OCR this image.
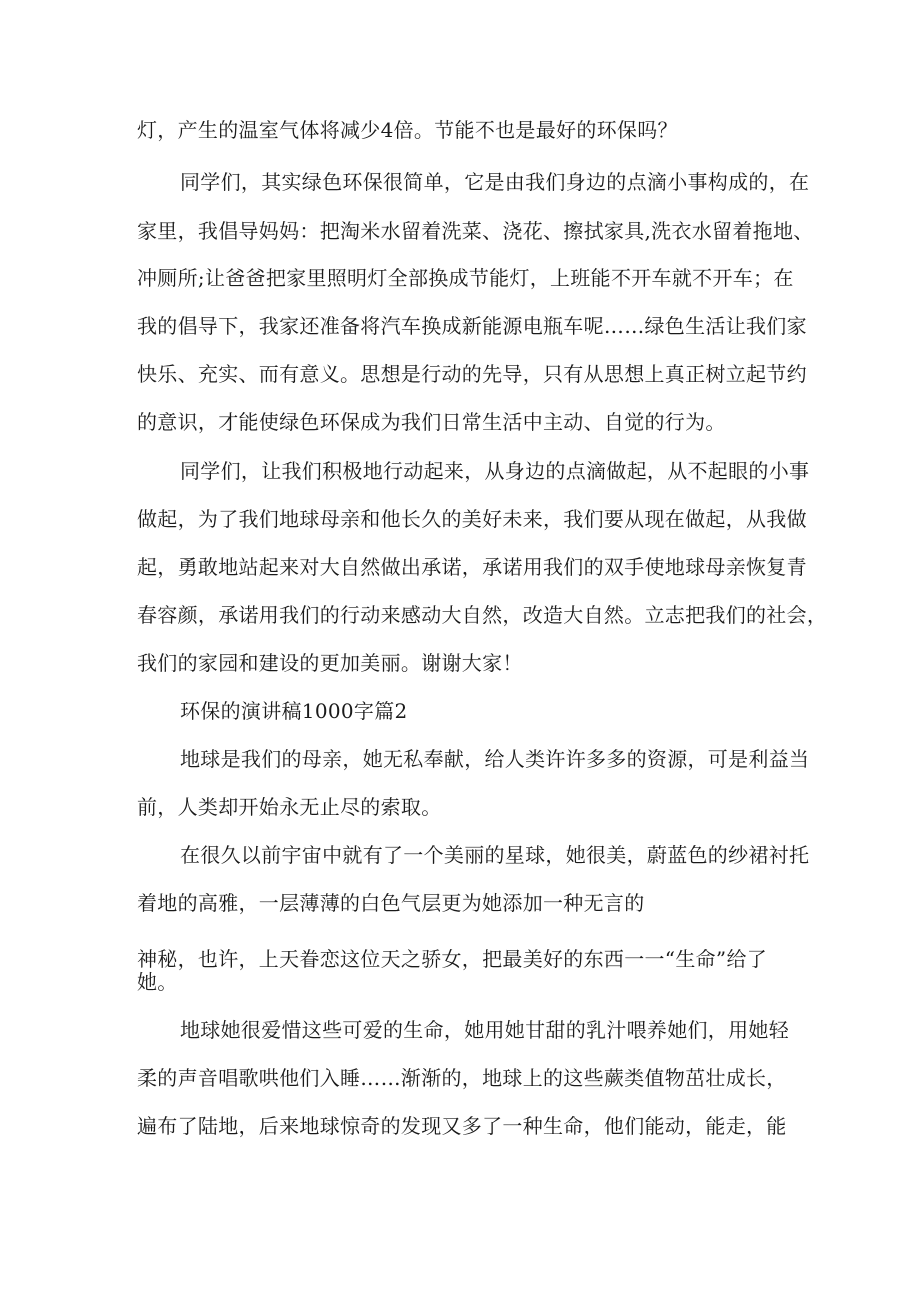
灯，产生的温室气体将减少4倍。节能不也是最好的环保吗？
同学们，其实绿色环保很简单，它是由我们身边的点滴小事构成的，在
家里，我倡导妈妈：把淘米水留着洗菜、浇花、擦拭家具,洗衣水留着拖地、
冲厕所;让爸爸把家里照明灯全部换成节能灯，上班能不开车就不开车；在
我的倡导下，我家还准备将汽车换成新能源电瓶车呢……绿色生活让我们家
快乐、充实、而有意义。思想是行动的先导，只有从思想上真正树立起节约
的意识，才能使绿色环保成为我们日常生活中主动、自觉的行为。
同学们，让我们积极地行动起来，从身边的点滴做起，从不起眼的小事
做起，为了我们地球母亲和他长久的美好未来，我们要从现在做起，从我做
起，勇敢地站起来对大自然做出承诺，承诺用我们的双手使地球母亲恢复青
春容颜，承诺用我们的行动来感动大自然，改造大自然。立志把我们的社会，
我们的家园和建设的更加美丽。谢谢大家！
环保的演讲稿1000字篇2
地球是我们的母亲，她无私奉献，给人类许许多多的资源，可是利益当
前，人类却开始永无止尽的索取。
在很久以前宇宙中就有了一个美丽的星球，她很美，蔚蓝色的纱裙衬托
着地的高雅，一层薄薄的白色气层更为她添加一种无言的
神秘，也许，上天眷恋这位天之骄女，把最美好的东西一一“生命”给了
她。
地球她很爱惜这些可爱的生命，她用她甘甜的乳汁喂养她们，用她轻
柔的声音唱歌哄他们入睡……渐渐的，地球上的这些蕨类值物茁壮成长，
遍布了陆地，后来地球惊奇的发现又多了一种生命，他们能动，能走，能
